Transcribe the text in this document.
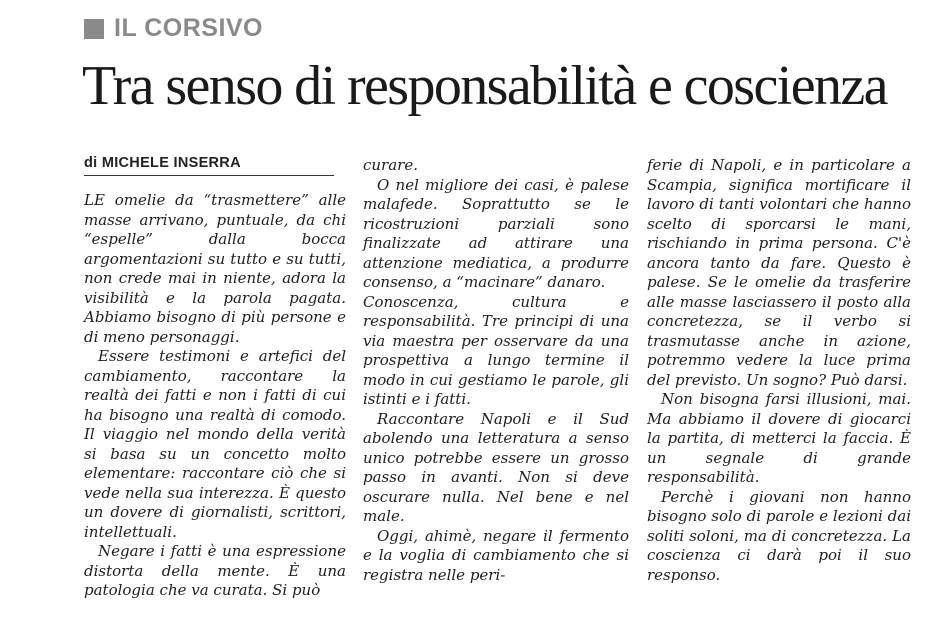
IL CORSIVO
Tra senso di responsabilità e coscienza
di MICHELE INSERRA

LE omelie da “trasmettere” alle masse arrivano, puntuale, da chi “espelle” dalla bocca argomentazioni su tutto e su tutti, non crede mai in niente, adora la visibilità e la parola pagata. Abbiamo bisogno di più persone e di meno personaggi.

Essere testimoni e artefici del cambiamento, raccontare la realtà dei fatti e non i fatti di cui ha bisogno una realtà di comodo. Il viaggio nel mondo della verità si basa su un concetto molto elementare: raccontare ciò che si vede nella sua interezza. È questo un dovere di giornalisti, scrittori, intellettuali.

Negare i fatti è una espressione distorta della mente. È una patologia che va curata. Si può

curare.

O nel migliore dei casi, è palese malafede. Soprattutto se le ricostruzioni parziali sono finalizzate ad attirare una attenzione mediatica, a produrre consenso, a “macinare” danaro.

Conoscenza, cultura e responsabilità. Tre principi di una via maestra per osservare da una prospettiva a lungo termine il modo in cui gestiamo le parole, gli istinti e i fatti.

Raccontare Napoli e il Sud abolendo una letteratura a senso unico potrebbe essere un grosso passo in avanti. Non si deve oscurare nulla. Nel bene e nel male.

Oggi, ahimè, negare il fermento e la voglia di cambiamento che si registra nelle peri-

ferie di Napoli, e in particolare a Scampia, significa mortificare il lavoro di tanti volontari che hanno scelto di sporcarsi le mani, rischiando in prima persona. C'è ancora tanto da fare. Questo è palese. Se le omelie da trasferire alle masse lasciassero il posto alla concretezza, se il verbo si trasmutasse anche in azione, potremmo vedere la luce prima del previsto. Un sogno? Può darsi.

Non bisogna farsi illusioni, mai. Ma abbiamo il dovere di giocarci la partita, di metterci la faccia. È un segnale di grande responsabilità.

Perchè i giovani non hanno bisogno solo di parole e lezioni dai soliti soloni, ma di concretezza. La coscienza ci darà poi il suo responso.
